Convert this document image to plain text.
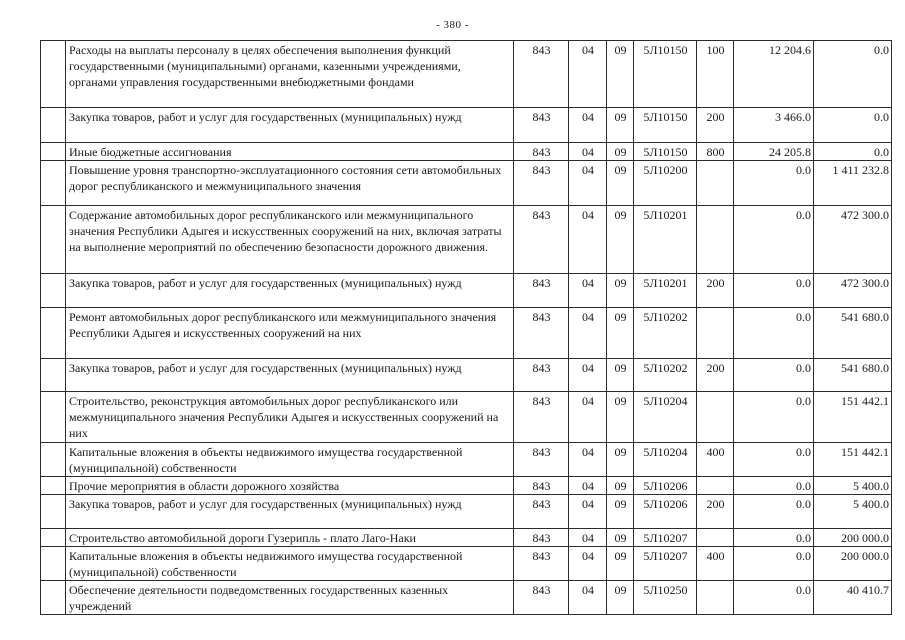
- 380 -
	Расходы на выплаты персоналу в целях обеспечения выполнения функций государственными (муниципальными) органами, казенными учреждениями, органами управления государственными внебюджетными фондами	843	04	09	5Л10150	100	12 204.6	0.0
	Закупка товаров, работ и услуг для государственных (муниципальных) нужд	843	04	09	5Л10150	200	3 466.0	0.0
	Иные бюджетные ассигнования	843	04	09	5Л10150	800	24 205.8	0.0
	Повышение уровня транспортно-эксплуатационного состояния сети автомобильных дорог республиканского и межмуниципального значения	843	04	09	5Л10200		0.0	1 411 232.8
	Содержание автомобильных дорог республиканского или межмуниципального значения Республики Адыгея и искусственных сооружений на них, включая затраты на выполнение мероприятий по обеспечению безопасности дорожного движения.	843	04	09	5Л10201		0.0	472 300.0
	Закупка товаров, работ и услуг для государственных (муниципальных) нужд	843	04	09	5Л10201	200	0.0	472 300.0
	Ремонт автомобильных дорог республиканского или межмуниципального значения Республики Адыгея и искусственных сооружений на них	843	04	09	5Л10202		0.0	541 680.0
	Закупка товаров, работ и услуг для государственных (муниципальных) нужд	843	04	09	5Л10202	200	0.0	541 680.0
	Строительство, реконструкция автомобильных дорог республиканского или межмуниципального значения Республики Адыгея и искусственных сооружений на них	843	04	09	5Л10204		0.0	151 442.1
	Капитальные вложения в объекты недвижимого имущества государственной (муниципальной) собственности	843	04	09	5Л10204	400	0.0	151 442.1
	Прочие мероприятия в области дорожного хозяйства	843	04	09	5Л10206		0.0	5 400.0
	Закупка товаров, работ и услуг для государственных (муниципальных) нужд	843	04	09	5Л10206	200	0.0	5 400.0
	Строительство автомобильной дороги Гузерипль - плато Лаго-Наки	843	04	09	5Л10207		0.0	200 000.0
	Капитальные вложения в объекты недвижимого имущества государственной (муниципальной) собственности	843	04	09	5Л10207	400	0.0	200 000.0
	Обеспечение деятельности подведомственных государственных казенных учреждений	843	04	09	5Л10250		0.0	40 410.7
